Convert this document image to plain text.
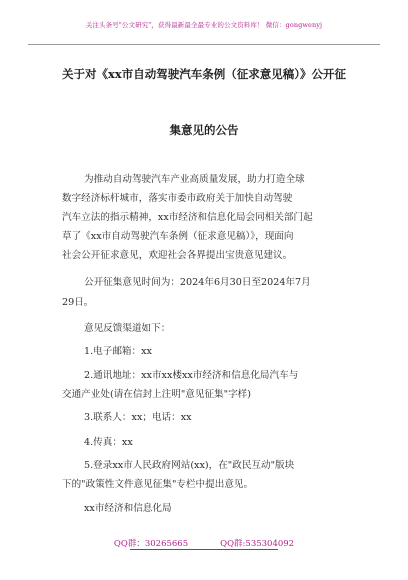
关注头条号"公文研究"，获得最新最全最专业的公文资料库！ 微信：gongwenyj
关于对《xx市自动驾驶汽车条例（征求意见稿）》公开征
集意见的公告
为推动自动驾驶汽车产业高质量发展，助力打造全球
数字经济标杆城市，落实市委市政府关于加快自动驾驶
汽车立法的指示精神，xx市经济和信息化局会同相关部门起
草了《xx市自动驾驶汽车条例（征求意见稿）》，现面向
社会公开征求意见，欢迎社会各界提出宝贵意见建议。
公开征集意见时间为：2024年6月30日至2024年7月
29日。
意见反馈渠道如下：
1.电子邮箱：xx
2.通讯地址：xx市xx楼xx市经济和信息化局汽车与
交通产业处(请在信封上注明"意见征集"字样)
3.联系人：xx；电话：xx
4.传真：xx
5.登录xx市人民政府网站(xx)，在"政民互动"版块
下的"政策性文件意见征集"专栏中提出意见。
xx市经济和信息化局
QQ群：30265665	QQ群:535304092
